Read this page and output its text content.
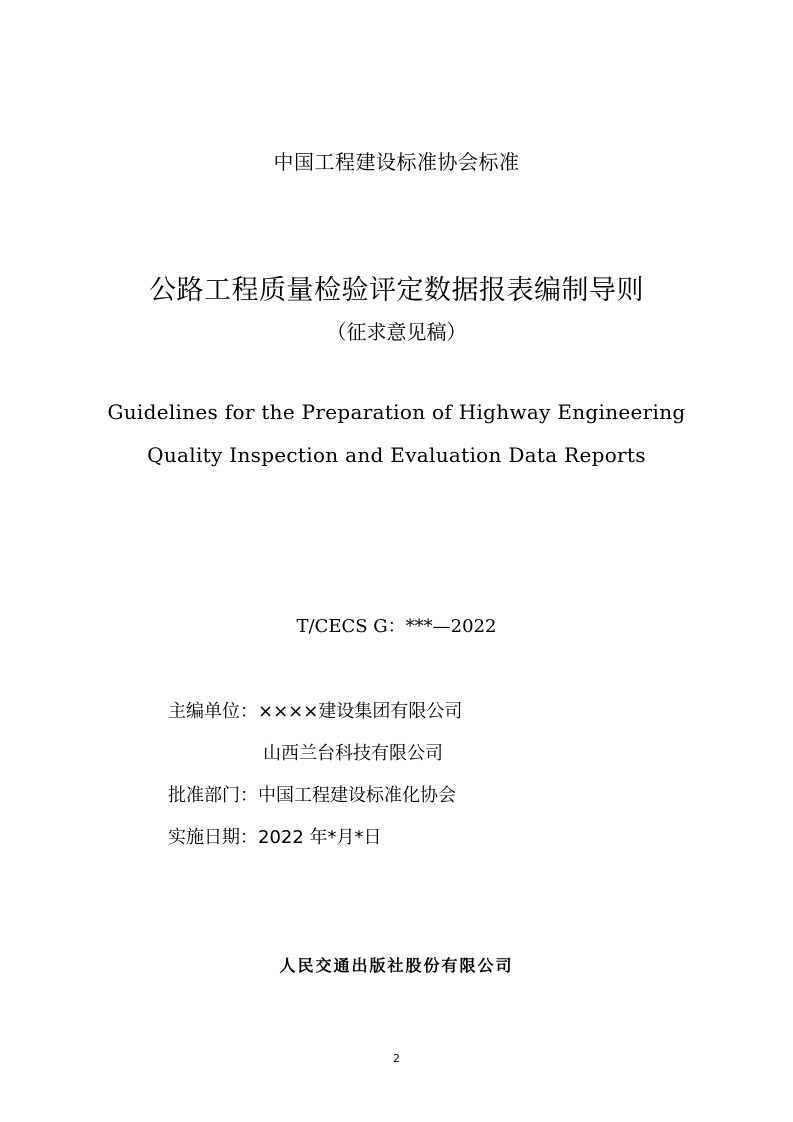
中国工程建设标准协会标准
公路工程质量检验评定数据报表编制导则
（征求意见稿）
Guidelines for the Preparation of Highway Engineering
Quality Inspection and Evaluation Data Reports
T/CECS G：***—2022
主编单位：××××建设集团有限公司
山西兰台科技有限公司
批准部门：中国工程建设标准化协会
实施日期：2022 年*月*日
人民交通出版社股份有限公司
2
